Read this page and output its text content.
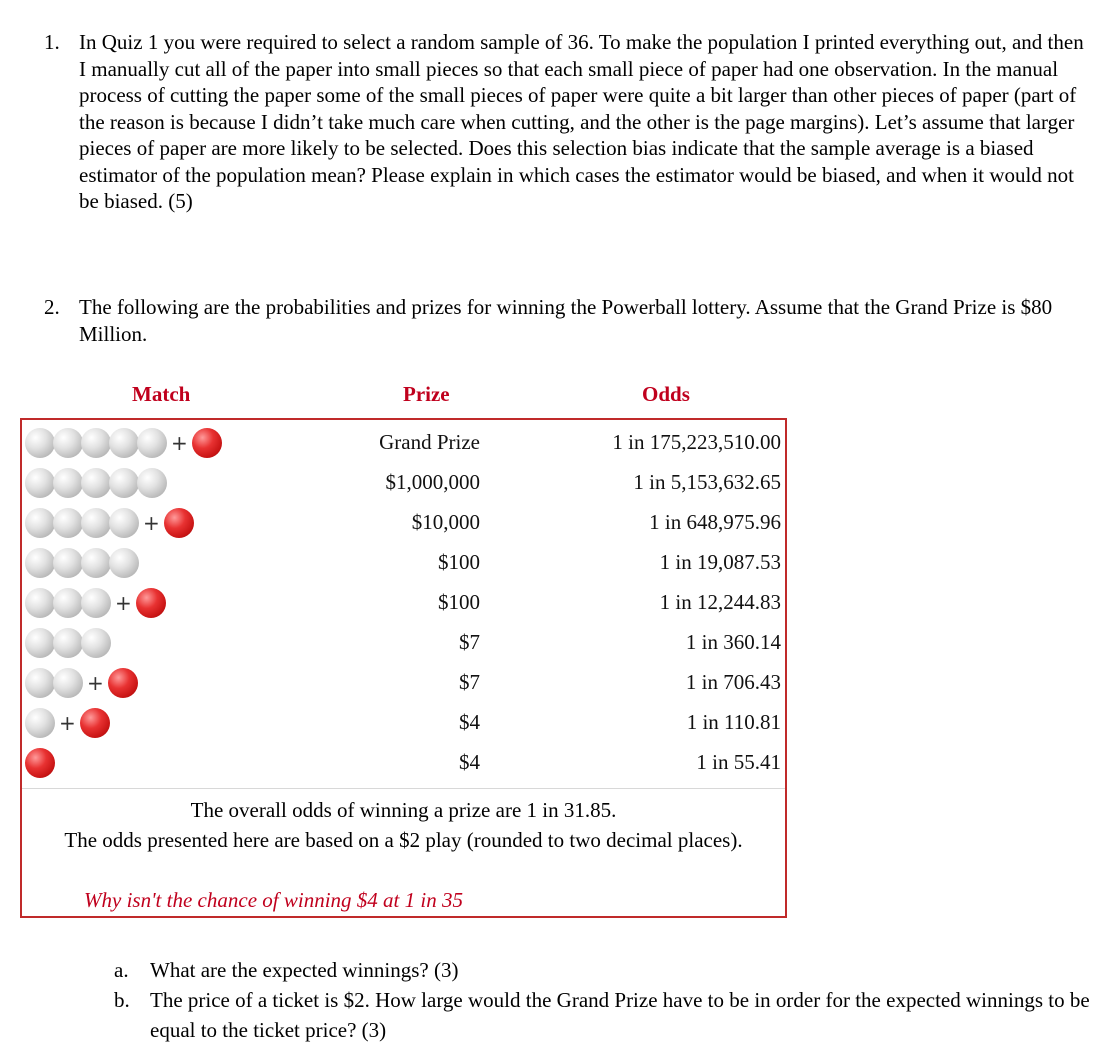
1. In Quiz 1 you were required to select a random sample of 36. To make the population I printed everything out, and then I manually cut all of the paper into small pieces so that each small piece of paper had one observation. In the manual process of cutting the paper some of the small pieces of paper were quite a bit larger than other pieces of paper (part of the reason is because I didn’t take much care when cutting, and the other is the page margins). Let’s assume that larger pieces of paper are more likely to be selected. Does this selection bias indicate that the sample average is a biased estimator of the population mean? Please explain in which cases the estimator would be biased, and when it would not be biased. (5)
2. The following are the probabilities and prizes for winning the Powerball lottery. Assume that the Grand Prize is $80 Million.
Match	Prize	Odds
+	Grand Prize	1 in 175,223,510.00
$1,000,000	1 in 5,153,632.65
+	$10,000	1 in 648,975.96
$100	1 in 19,087.53
+	$100	1 in 12,244.83
$7	1 in 360.14
+	$7	1 in 706.43
+	$4	1 in 110.81
$4	1 in 55.41
The overall odds of winning a prize are 1 in 31.85.
The odds presented here are based on a $2 play (rounded to two decimal places).
Why isn't the chance of winning $4 at 1 in 35
a. What are the expected winnings? (3)
b. The price of a ticket is $2. How large would the Grand Prize have to be in order for the expected winnings to be equal to the ticket price? (3)
